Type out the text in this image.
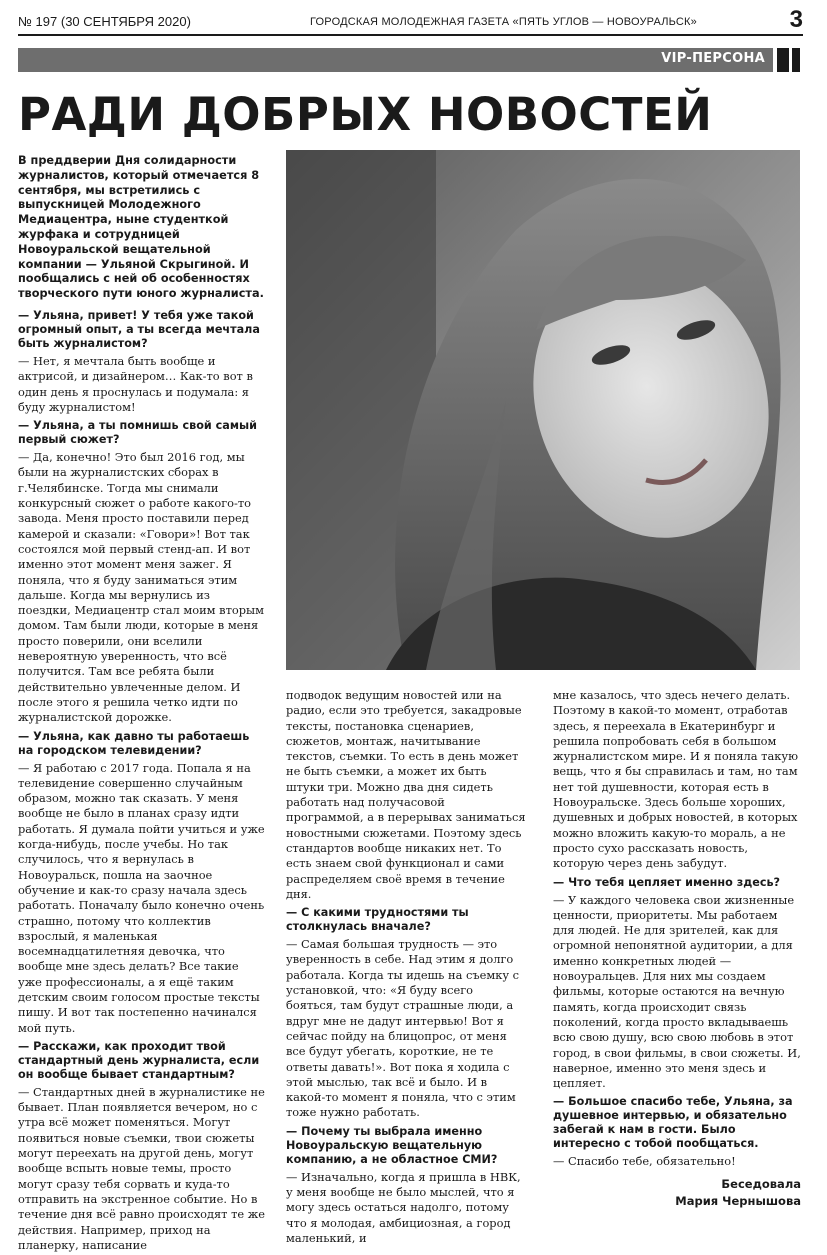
№ 197 (30 СЕНТЯБРЯ 2020)	ГОРОДСКАЯ МОЛОДЕЖНАЯ ГАЗЕТА «ПЯТЬ УГЛОВ — НОВОУРАЛЬСК»	3
VIP-ПЕРСОНА
РАДИ ДОБРЫХ НОВОСТЕЙ
В преддверии Дня солидарности журналистов, который отмечается 8 сентября, мы встретились с выпускницей Молодежного Медиацентра, ныне студенткой журфака и сотрудницей Новоуральской вещательной компании — Ульяной Скрыгиной. И пообщались с ней об особенностях творческого пути юного журналиста.

— Ульяна, привет! У тебя уже такой огромный опыт, а ты всегда мечтала быть журналистом?

— Нет, я мечтала быть вообще и актрисой, и дизайнером… Как-то вот в один день я проснулась и подумала: я буду журналистом!

— Ульяна, а ты помнишь свой самый первый сюжет?

— Да, конечно! Это был 2016 год, мы были на журналистских сборах в г.Челябинске. Тогда мы снимали конкурсный сюжет о работе какого-то завода. Меня просто поставили перед камерой и сказали: «Говори»! Вот так состоялся мой первый стенд-ап. И вот именно этот момент меня зажег. Я поняла, что я буду заниматься этим дальше. Когда мы вернулись из поездки, Медиацентр стал моим вторым домом. Там были люди, которые в меня просто поверили, они вселили невероятную уверенность, что всё получится. Там все ребята были действительно увлеченные делом. И после этого я решила четко идти по журналистской дорожке.

— Ульяна, как давно ты работаешь на городском телевидении?

— Я работаю с 2017 года. Попала я на телевидение совершенно случайным образом, можно так сказать. У меня вообще не было в планах сразу идти работать. Я думала пойти учиться и уже когда-нибудь, после учебы. Но так случилось, что я вернулась в Новоуральск, пошла на заочное обучение и как-то сразу начала здесь работать. Поначалу было конечно очень страшно, потому что коллектив взрослый, я маленькая восемнадцатилетняя девочка, что вообще мне здесь делать? Все такие уже профессионалы, а я ещё таким детским своим голосом простые тексты пишу. И вот так постепенно начинался мой путь.

— Расскажи, как проходит твой стандартный день журналиста, если он вообще бывает стандартным?

— Стандартных дней в журналистике не бывает. План появляется вечером, но с утра всё может поменяться. Могут появиться новые съемки, твои сюжеты могут переехать на другой день, могут вообще вспыть новые темы, просто могут сразу тебя сорвать и куда-то отправить на экстренное событие. Но в течение дня всё равно происходят те же действия. Например, приход на планерку, написание

подводок ведущим новостей или на радио, если это требуется, закадровые тексты, постановка сценариев, сюжетов, монтаж, начитывание текстов, съемки. То есть в день может не быть съемки, а может их быть штуки три. Можно два дня сидеть работать над получасовой программой, а в перерывах заниматься новостными сюжетами. Поэтому здесь стандартов вообще никаких нет. То есть знаем свой функционал и сами распределяем своё время в течение дня.

— С какими трудностями ты столкнулась вначале?

— Самая большая трудность — это уверенность в себе. Над этим я долго работала. Когда ты идешь на съемку с установкой, что: «Я буду всего бояться, там будут страшные люди, а вдруг мне не дадут интервью! Вот я сейчас пойду на блицопрос, от меня все будут убегать, короткие, не те ответы давать!». Вот пока я ходила с этой мыслью, так всё и было. И в какой-то момент я поняла, что с этим тоже нужно работать.

— Почему ты выбрала именно Новоуральскую вещательную компанию, а не областное СМИ?

— Изначально, когда я пришла в НВК, у меня вообще не было мыслей, что я могу здесь остаться надолго, потому что я молодая, амбициозная, а город маленький, и

мне казалось, что здесь нечего делать. Поэтому в какой-то момент, отработав здесь, я переехала в Екатеринбург и решила попробовать себя в большом журналистском мире. И я поняла такую вещь, что я бы справилась и там, но там нет той душевности, которая есть в Новоуральске. Здесь больше хороших, душевных и добрых новостей, в которых можно вложить какую-то мораль, а не просто сухо рассказать новость, которую через день забудут.

— Что тебя цепляет именно здесь?

— У каждого человека свои жизненные ценности, приоритеты. Мы работаем для людей. Не для зрителей, как для огромной непонятной аудитории, а для именно конкретных людей — новоуральцев. Для них мы создаем фильмы, которые остаются на вечную память, когда происходит связь поколений, когда просто вкладываешь всю свою душу, всю свою любовь в этот город, в свои фильмы, в свои сюжеты. И, наверное, именно это меня здесь и цепляет.

— Большое спасибо тебе, Ульяна, за душевное интервью, и обязательно забегай к нам в гости. Было интересно с тобой пообщаться.

— Спасибо тебе, обязательно!

Беседовала
Мария Чернышова
